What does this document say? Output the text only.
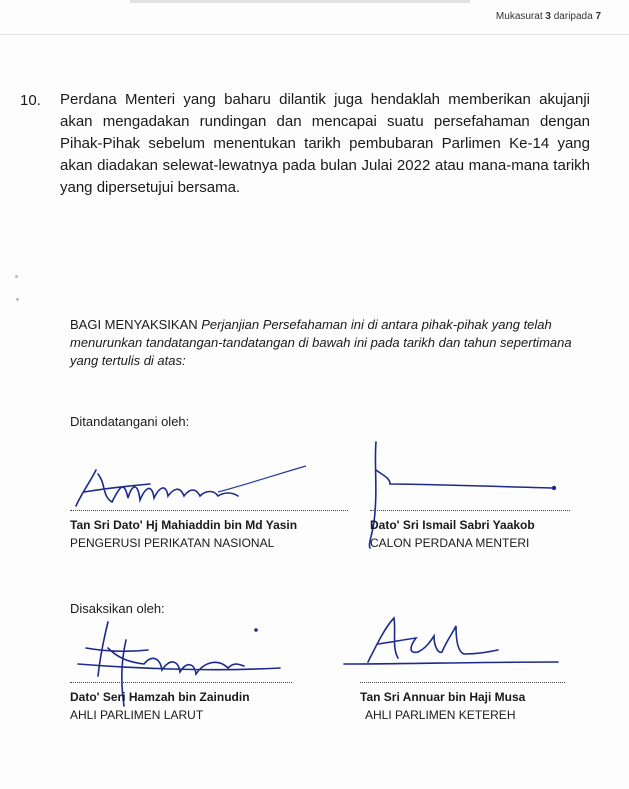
Mukasurat 3 daripada 7
10. Perdana Menteri yang baharu dilantik juga hendaklah memberikan akujanji akan mengadakan rundingan dan mencapai suatu persefahaman dengan Pihak-Pihak sebelum menentukan tarikh pembubaran Parlimen Ke-14 yang akan diadakan selewat-lewatnya pada bulan Julai 2022 atau mana-mana tarikh yang dipersetujui bersama.

BAGI MENYAKSIKAN Perjanjian Persefahaman ini di antara pihak-pihak yang telah menurunkan tandatangan-tandatangan di bawah ini pada tarikh dan tahun sepertimana yang tertulis di atas:

Ditandatangani oleh:
Tan Sri Dato' Hj Mahiaddin bin Md Yasin
PENGERUSI PERIKATAN NASIONAL
Dato' Sri Ismail Sabri Yaakob
CALON PERDANA MENTERI
Disaksikan oleh:
Dato' Seri Hamzah bin Zainudin
AHLI PARLIMEN LARUT
Tan Sri Annuar bin Haji Musa
AHLI PARLIMEN KETEREH
